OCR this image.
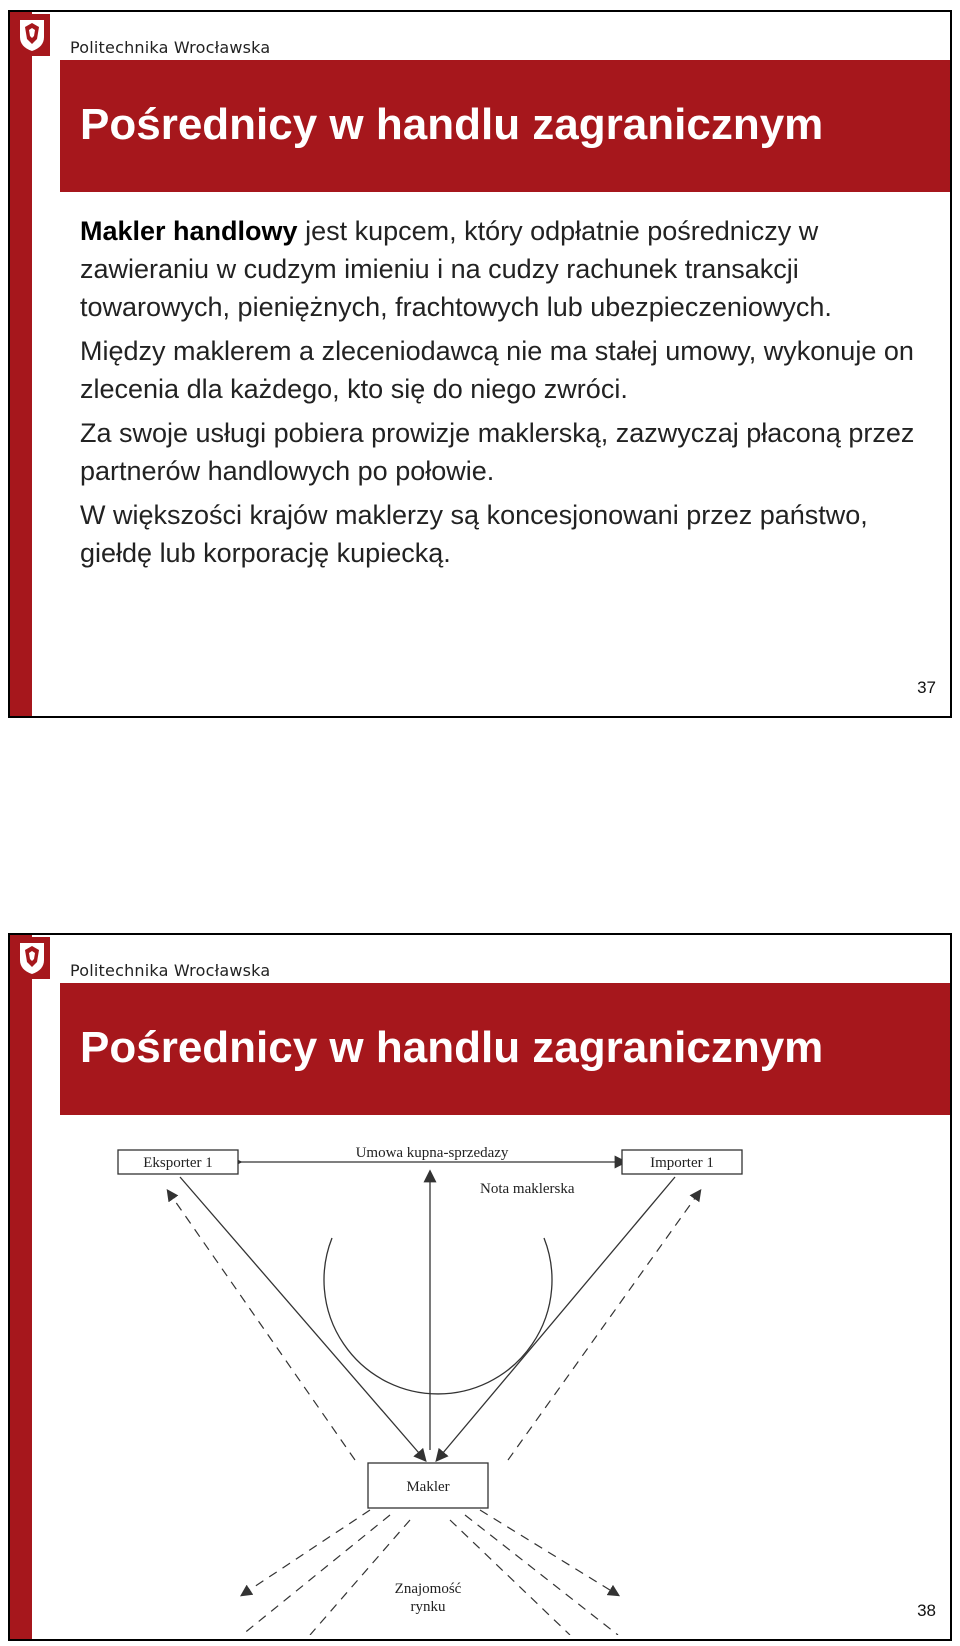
Politechnika Wrocławska
Pośrednicy w handlu zagranicznym

Makler handlowy jest kupcem, który odpłatnie pośredniczy w zawieraniu w cudzym imieniu i na cudzy rachunek transakcji towarowych, pieniężnych, frachtowych lub ubezpieczeniowych.

Między maklerem a zleceniodawcą nie ma stałej umowy, wykonuje on zlecenia dla każdego, kto się do niego zwróci.

Za swoje usługi pobiera prowizje maklerską, zazwyczaj płaconą przez partnerów handlowych po połowie.

W większości krajów maklerzy są koncesjonowani przez państwo, giełdę lub korporację kupiecką.

37
Politechnika Wrocławska
Pośrednicy w handlu zagranicznym
Umowa kupna-sprzedazy
Nota maklerska
Eksporter 1	Importer 1
Makler
Znajomość
rynku	38
